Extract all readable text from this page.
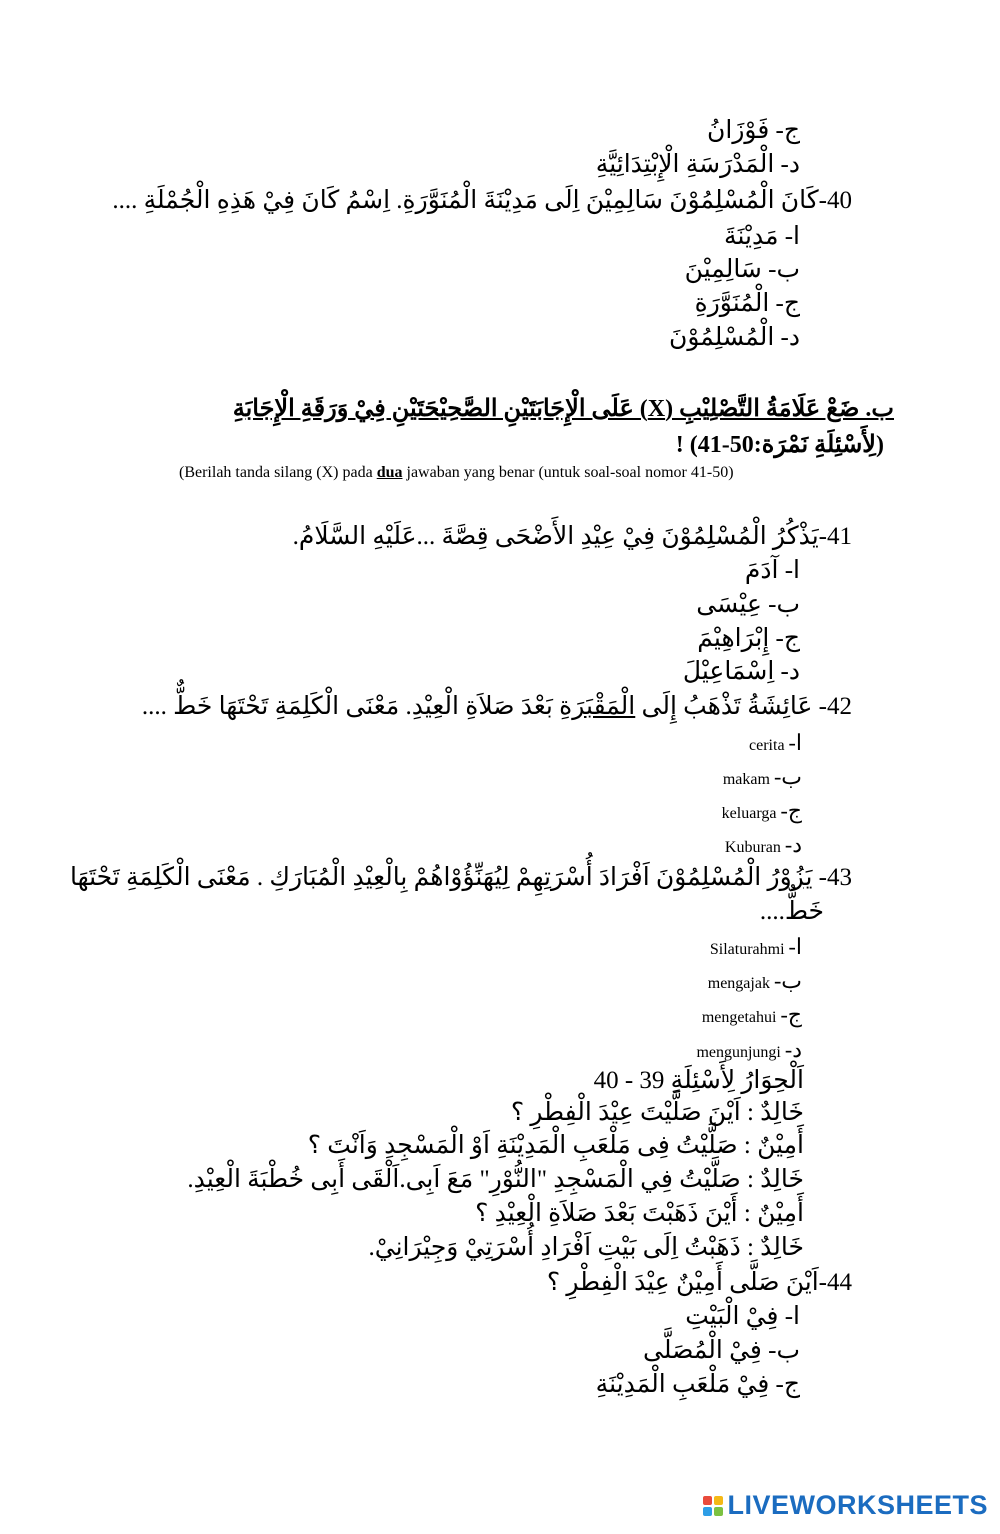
ج- فَوْزَانُ
د- الْمَدْرَسَةِ الْإِبْتِدَائِيَّةِ
40-كَانَ الْمُسْلِمُوْنَ سَالِمِيْنَ اِلَى مَدِيْنَةَ الْمُنَوَّرَةِ. اِسْمُ كَانَ فِيْ هَذِهِ الْجُمْلَةِ ....
ا- مَدِيْنَةَ
ب- سَالِمِيْنَ
ج- الْمُنَوَّرَةِ
د- الْمُسْلِمُوْنَ
ب. ضَعْ عَلَامَةُ التَّصْلِيْبِ (X) عَلَى الْإِجَابَتَيْنِ الصَّحِيْحَتَيْنِ فِيْ وَرَقَةِ الْإِجَابَةِ
(لِأَسْئِلَةِ نَمْرَة:50-41) !
(Berilah tanda silang (X) pada dua jawaban yang benar (untuk soal-soal nomor 41-50)
41-يَذْكُرُ الْمُسْلِمُوْنَ فِيْ عِيْدِ الأَضْحَى قِصَّةَ ...عَلَيْهِ السَّلَامُ.
ا- آدَمَ
ب- عِيْسَى
ج- إِبْرَاهِيْمَ
د- اِسْمَاعِيْلَ
42- عَائِشَةُ تَذْهَبُ إِلَى الْمَقْبَرَةِ بَعْدَ صَلاَةِ الْعِيْدِ. مَعْنَى الْكَلِمَةِ تَحْتَهَا خَطٌّ ....
ا-cerita
ب-makam
ج-keluarga
د-Kuburan
43- يَزُوْرُ الْمُسْلِمُوْنَ اَفْرَادَ أُسْرَتِهِمْ لِيُهَنِّؤُوْاهُمْ بِالْعِيْدِ الْمُبَارَكِ . مَعْنَى الْكَلِمَةِ تَحْتَهَا
خَطٌّ....
ا-Silaturahmi
ب-mengajak
ج-mengetahui
د-mengunjungi
اَلْحِوَارُ لِأَسْئِلَةِ 39 - 40
خَالِدٌ : اَيْنَ صَلَّيْتَ عِيْدَ الْفِطْرِ ؟
أَمِيْنٌ : صَلَّيْتُ فِى مَلْعَبِ الْمَدِيْنَةِ اَوْ الْمَسْجِدِ وَاَنْتَ ؟
خَالِدٌ : صَلَّيْتُ فِي الْمَسْجِدِ "النُّوْرِ" مَعَ اَبِى.اَلْقَى أَبِى خُطْبَةَ الْعِيْدِ.
أَمِيْنٌ : أَيْنَ ذَهَبْتَ بَعْدَ صَلاَةِ الْعِيْدِ ؟
خَالِدٌ : ذَهَبْتُ اِلَى بَيْتِ اَفْرَادِ أُسْرَتِيْ وَجِيْرَانِيْ.
44-اَيْنَ صَلَّى أَمِيْنٌ عِيْدَ الْفِطْرِ ؟
ا- فِيْ الْبَيْتِ
ب- فِيْ الْمُصَلَّى
ج- فِيْ مَلْعَبِ الْمَدِيْنَةِ
LIVEWORKSHEETS
